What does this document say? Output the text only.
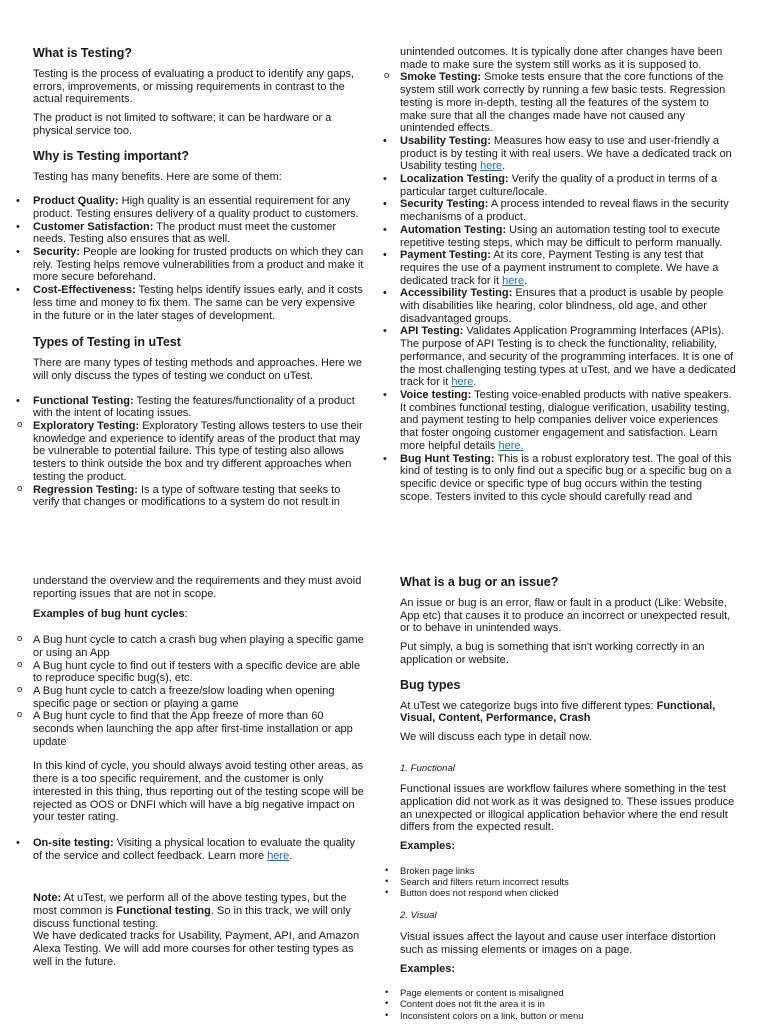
What is Testing?

Testing is the process of evaluating a product to identify any gaps, errors, improvements, or missing requirements in contrast to the actual requirements.

The product is not limited to software; it can be hardware or a physical service too.

Why is Testing important?

Testing has many benefits. Here are some of them:

• Product Quality: High quality is an essential requirement for any product. Testing ensures delivery of a quality product to customers.
• Customer Satisfaction: The product must meet the customer needs. Testing also ensures that as well.
• Security: People are looking for trusted products on which they can rely. Testing helps remove vulnerabilities from a product and make it more secure beforehand.
• Cost-Effectiveness: Testing helps identify issues early, and it costs less time and money to fix them. The same can be very expensive in the future or in the later stages of development.
Types of Testing in uTest

There are many types of testing methods and approaches. Here we will only discuss the types of testing we conduct on uTest.

• Functional Testing: Testing the features/functionality of a product with the intent of locating issues.
o Exploratory Testing: Exploratory Testing allows testers to use their knowledge and experience to identify areas of the product that may be vulnerable to potential failure. This type of testing also allows testers to think outside the box and try different approaches when testing the product.
o Regression Testing: Is a type of software testing that seeks to verify that changes or modifications to a system do not result in

unintended outcomes. It is typically done after changes have been made to make sure the system still works as it is supposed to.

o Smoke Testing: Smoke tests ensure that the core functions of the system still work correctly by running a few basic tests. Regression testing is more in-depth, testing all the features of the system to make sure that all the changes made have not caused any unintended effects.
• Usability Testing: Measures how easy to use and user-friendly a product is by testing it with real users. We have a dedicated track on Usability testing here.
• Localization Testing: Verify the quality of a product in terms of a particular target culture/locale.
• Security Testing: A process intended to reveal flaws in the security mechanisms of a product.
• Automation Testing: Using an automation testing tool to execute repetitive testing steps, which may be difficult to perform manually.
• Payment Testing: At its core, Payment Testing is any test that requires the use of a payment instrument to complete. We have a dedicated track for it here.
• Accessibility Testing: Ensures that a product is usable by people with disabilities like hearing, color blindness, old age, and other disadvantaged groups.
• API Testing: Validates Application Programming Interfaces (APIs). The purpose of API Testing is to check the functionality, reliability, performance, and security of the programming interfaces. It is one of the most challenging testing types at uTest, and we have a dedicated track for it here.
• Voice testing: Testing voice-enabled products with native speakers. It combines functional testing, dialogue verification, usability testing, and payment testing to help companies deliver voice experiences that foster ongoing customer engagement and satisfaction. Learn more helpful details here.
• Bug Hunt Testing: This is a robust exploratory test. The goal of this kind of testing is to only find out a specific bug or a specific bug on a specific device or specific type of bug occurs within the testing scope. Testers invited to this cycle should carefully read and

understand the overview and the requirements and they must avoid reporting issues that are not in scope.

Examples of bug hunt cycles:

o A Bug hunt cycle to catch a crash bug when playing a specific game or using an App
o A Bug hunt cycle to find out if testers with a specific device are able to reproduce specific bug(s), etc.
o A Bug hunt cycle to catch a freeze/slow loading when opening specific page or section or playing a game
o A Bug hunt cycle to find that the App freeze of more than 60 seconds when launching the app after first-time installation or app update

In this kind of cycle, you should always avoid testing other areas, as there is a too specific requirement, and the customer is only interested in this thing, thus reporting out of the testing scope will be rejected as OOS or DNFI which will have a big negative impact on your tester rating.

• On-site testing: Visiting a physical location to evaluate the quality of the service and collect feedback. Learn more here.

Note: At uTest, we perform all of the above testing types, but the most common is Functional testing. So in this track, we will only discuss functional testing.

We have dedicated tracks for Usability, Payment, API, and Amazon Alexa Testing. We will add more courses for other testing types as well in the future.

What is a bug or an issue?

An issue or bug is an error, flaw or fault in a product (Like: Website, App etc) that causes it to produce an incorrect or unexpected result, or to behave in unintended ways.

Put simply, a bug is something that isn't working correctly in an application or website.

Bug types

At uTest we categorize bugs into five different types: Functional, Visual, Content, Performance, Crash

We will discuss each type in detail now.

1. Functional

Functional issues are workflow failures where something in the test application did not work as it was designed to. These issues produce an unexpected or illogical application behavior where the end result differs from the expected result.

Examples:

• Broken page links
• Search and filters return incorrect results
• Button does not respond when clicked

2. Visual

Visual issues affect the layout and cause user interface distortion such as missing elements or images on a page.

Examples:

• Page elements or content is misaligned
• Content does not fit the area it is in
• Inconsistent colors on a link, button or menu
